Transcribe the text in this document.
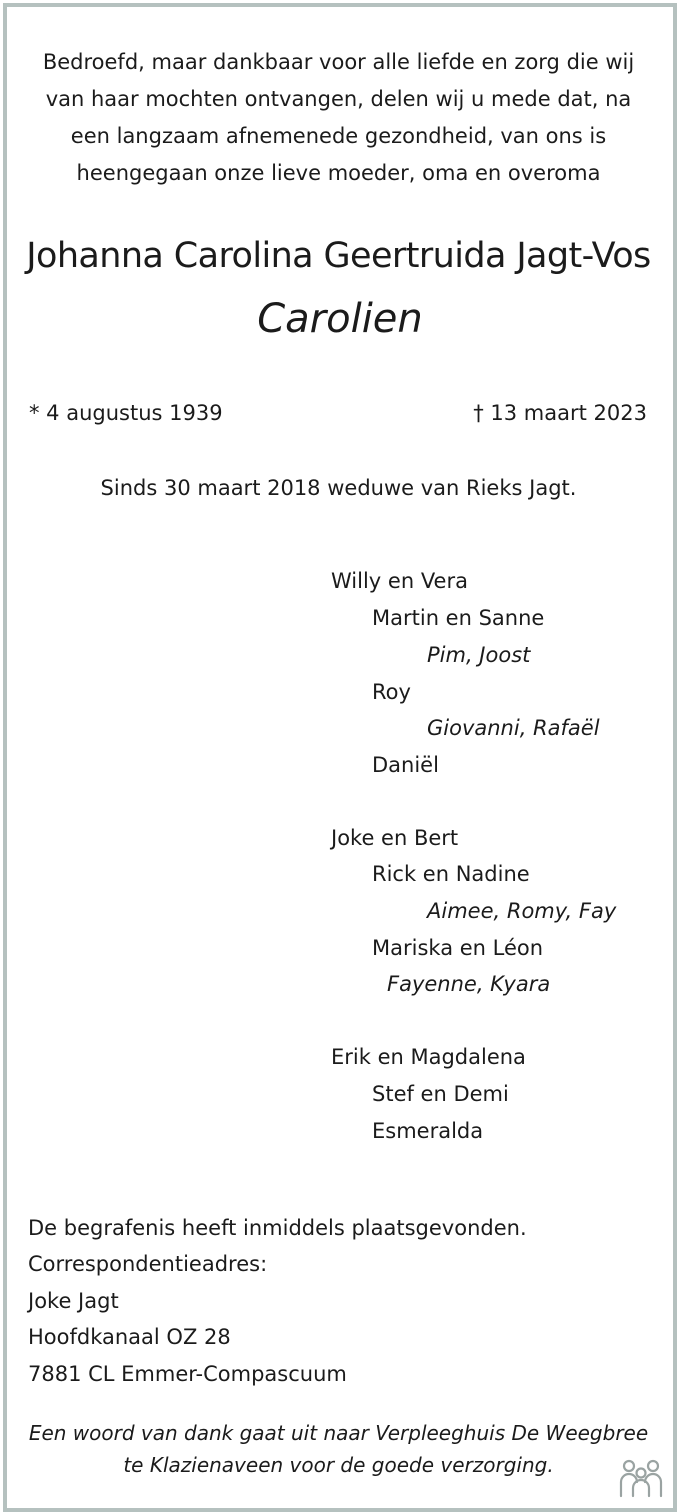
Bedroefd, maar dankbaar voor alle liefde en zorg die wij
van haar mochten ontvangen, delen wij u mede dat, na
een langzaam afnemenede gezondheid, van ons is
heengegaan onze lieve moeder, oma en overoma
Johanna Carolina Geertruida Jagt-Vos
Carolien
* 4 augustus 1939	† 13 maart 2023
Sinds 30 maart 2018 weduwe van Rieks Jagt.
Willy en Vera
Martin en Sanne
Pim, Joost
Roy
Giovanni, Rafaël
Daniël
Joke en Bert
Rick en Nadine
Aimee, Romy, Fay
Mariska en Léon
Fayenne, Kyara
Erik en Magdalena
Stef en Demi
Esmeralda
De begrafenis heeft inmiddels plaatsgevonden.
Correspondentieadres:
Joke Jagt
Hoofdkanaal OZ 28
7881 CL Emmer-Compascuum
Een woord van dank gaat uit naar Verpleeghuis De Weegbree
te Klazienaveen voor de goede verzorging.
